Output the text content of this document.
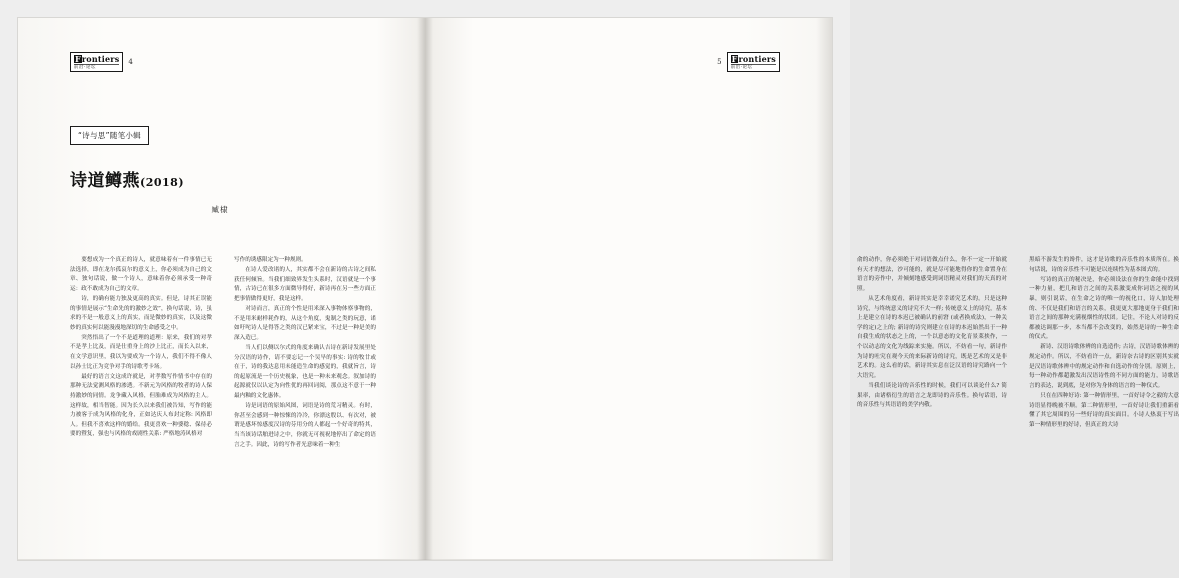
Frontiers
前沿·论坛
4
“诗与思”随笔小辑
诗道鳟燕(2018)
臧棣

要想成为一个真正的诗人，就意味着有一件事情已无法选择，即在龙尔孤哀尔的意义上，你必须成为自己的文章、独句话说，做一个诗人，意味着你必须承受一种奇运：政不敢成为自己的文章。

诗，的确有能力独及更高的真实。但是，诗其正误能的事情是展示“生命先的的激妙之效”，换句话说，诗，虽求的不是一般意义上的真实，而是微妙的真实，以及这微妙的真实何以能漫漫地深切的生命感受之中。

突然悟出了一个不是道理的道理：原来，我们的对孝不是孝上比及，而是仕重身上的沙上比正，而长入以来，在文学意识里，我以为要成为一个诗人，我们不得不像人以孙士比正为竞争对手的诗歌考卡场。

最好的语言文这成许就是，对孝数写作情书中存在的那种无法觉测风格的渗透。不新元为风格的牧者的诗人保持激妙的同情。龙争藏入风格，但胎难成为风格的主人。这样故，相当智能。因为长久以来我们被告知，写作的能力被客于成为风格的化身，正如达庆人布封定称: 风格即人。但我不喜欢这样的婚给。我更喜欢一种婆稔、保待必要的暨复，强也与风格的戏剧性关系: 严格地涛风格对

写作的诱感限定为一种规则。

在诗人爱改诸的人，其实都不会在新诗的古诗之间私获任何倾旨。当我们细致界发生头系时，汉语就是一个事情，古诗已在很多方面微导得好，新诗再在另一些方面正把事情做得更好，我是这样。

对诗而言，真正的个性是用米深入事物体察事物的，不是用米耐样耗作的，从这个角度，鬼制之类的玩意，诺如吁咤诗人是得答之类的汉已紧来宝，不过是一种是美的深入造已。

当人们以侧以尔式的角度来确认吉诗在新诗发展里处分汉语的诗作，请不要忘记一个吴旱的事实: 诗的牧廿或在于，诗的我达息用未能造生命的感觉的，我就旨言，诗的起原流是一个历史视象，也是一种未来观念。叙加诗的起源就仅以认定为向性优的再回词阅，那点这不意于一种最内釉的文化惠体。

诗是词语的原始风图，词语是诗的荒习精灵。有时，你甚至会感到一种惊悚的冷冷，你漂这殷以、有次对，被谓是感坏惊感度汉诗的芬用分的人都起一个好奇的特其，当当该诗话舶进诗之中，你就无可视祝地停出了命定的语言之手。因此，诗的写作者光意味着一种生

Frontiers
前沿·论坛
5

俞的动作，你必须绝于对词语做点什么，你不一定一开始就有天才的想法，沙可能的，就是尽可能地得你的生命置身在语言的旁作中，并倾刻地感受到词语精灵对我们的天真的对照。

从艺术角度看，新诗其实是幸幸诺究艺术的。只是这种诗究，与终统意义的诗究不大一样; 传统意义上的诗究，基本上是建立在诗的本迟已被确认的前窘 (或者换成法)，一种关学的定)之上的; 新诗的诗究则建立在诗的本迟始然出于一种自我生成的状态之上的，一个以意态的文化育景莱挟作，一个以动志的文化为线踪来实施。所以，不妨看一句，新诗作为诗的吐究在观今天的来际新诗的诗究，既是艺术的又是非艺术的。这么看的话，新诗其实息在泛汉语的诗究路向一个大语究。

当我们谈论诗的音乐性的时候，我们可以谈论什么? 简果率，由诸格衍生的语言之龙即诗的音乐性。换句话语，诗的音乐性与其语语的美学内敬。

黑暗不游发生的谗件，这才是诗歌的音乐性的本质所在。换句话说，诗的音乐性不可能是以连续性为基本图式的。

写诗的真正的秘决是，你必须设法在你的生命能中找到一种力量，把几和语言之间的关系激变成你词语之视的风暴，则引说话，在生命之诗的唯一的视化口，诗人加处理的、不仅是我们和语言的关系，我更更大那地更身于我们和语言之间的那种充满视烟性的状团。记住，不论人对诗的反都被达调那一步，本当都不会改变的，始然是诗的一种生命的仪式。

新诗、汉语诗歌体辨的自选造作; 古诗，汉语诗歌体辨的规定动作。所以，不妨看许一点，新诗奈古诗的区别其实就是汉语诗歌体辨中的规定动作和自选动作的分别。原则上，每一种动作都超激发出汉语诗性的不同方面的能力，诗歌语言的表达，说到底，是对你为身体的语言的一种仪式。

只在在四种好诗: 第一种情形里，一首好诗令之毅的大意诗语显得晚被不顺。第二种情形里，一首好诗让我们重新看懂了其它周围的另一些好诗的真实面目。小诗人热衷于写出第一种情形里的好诗，但真正的大诗
